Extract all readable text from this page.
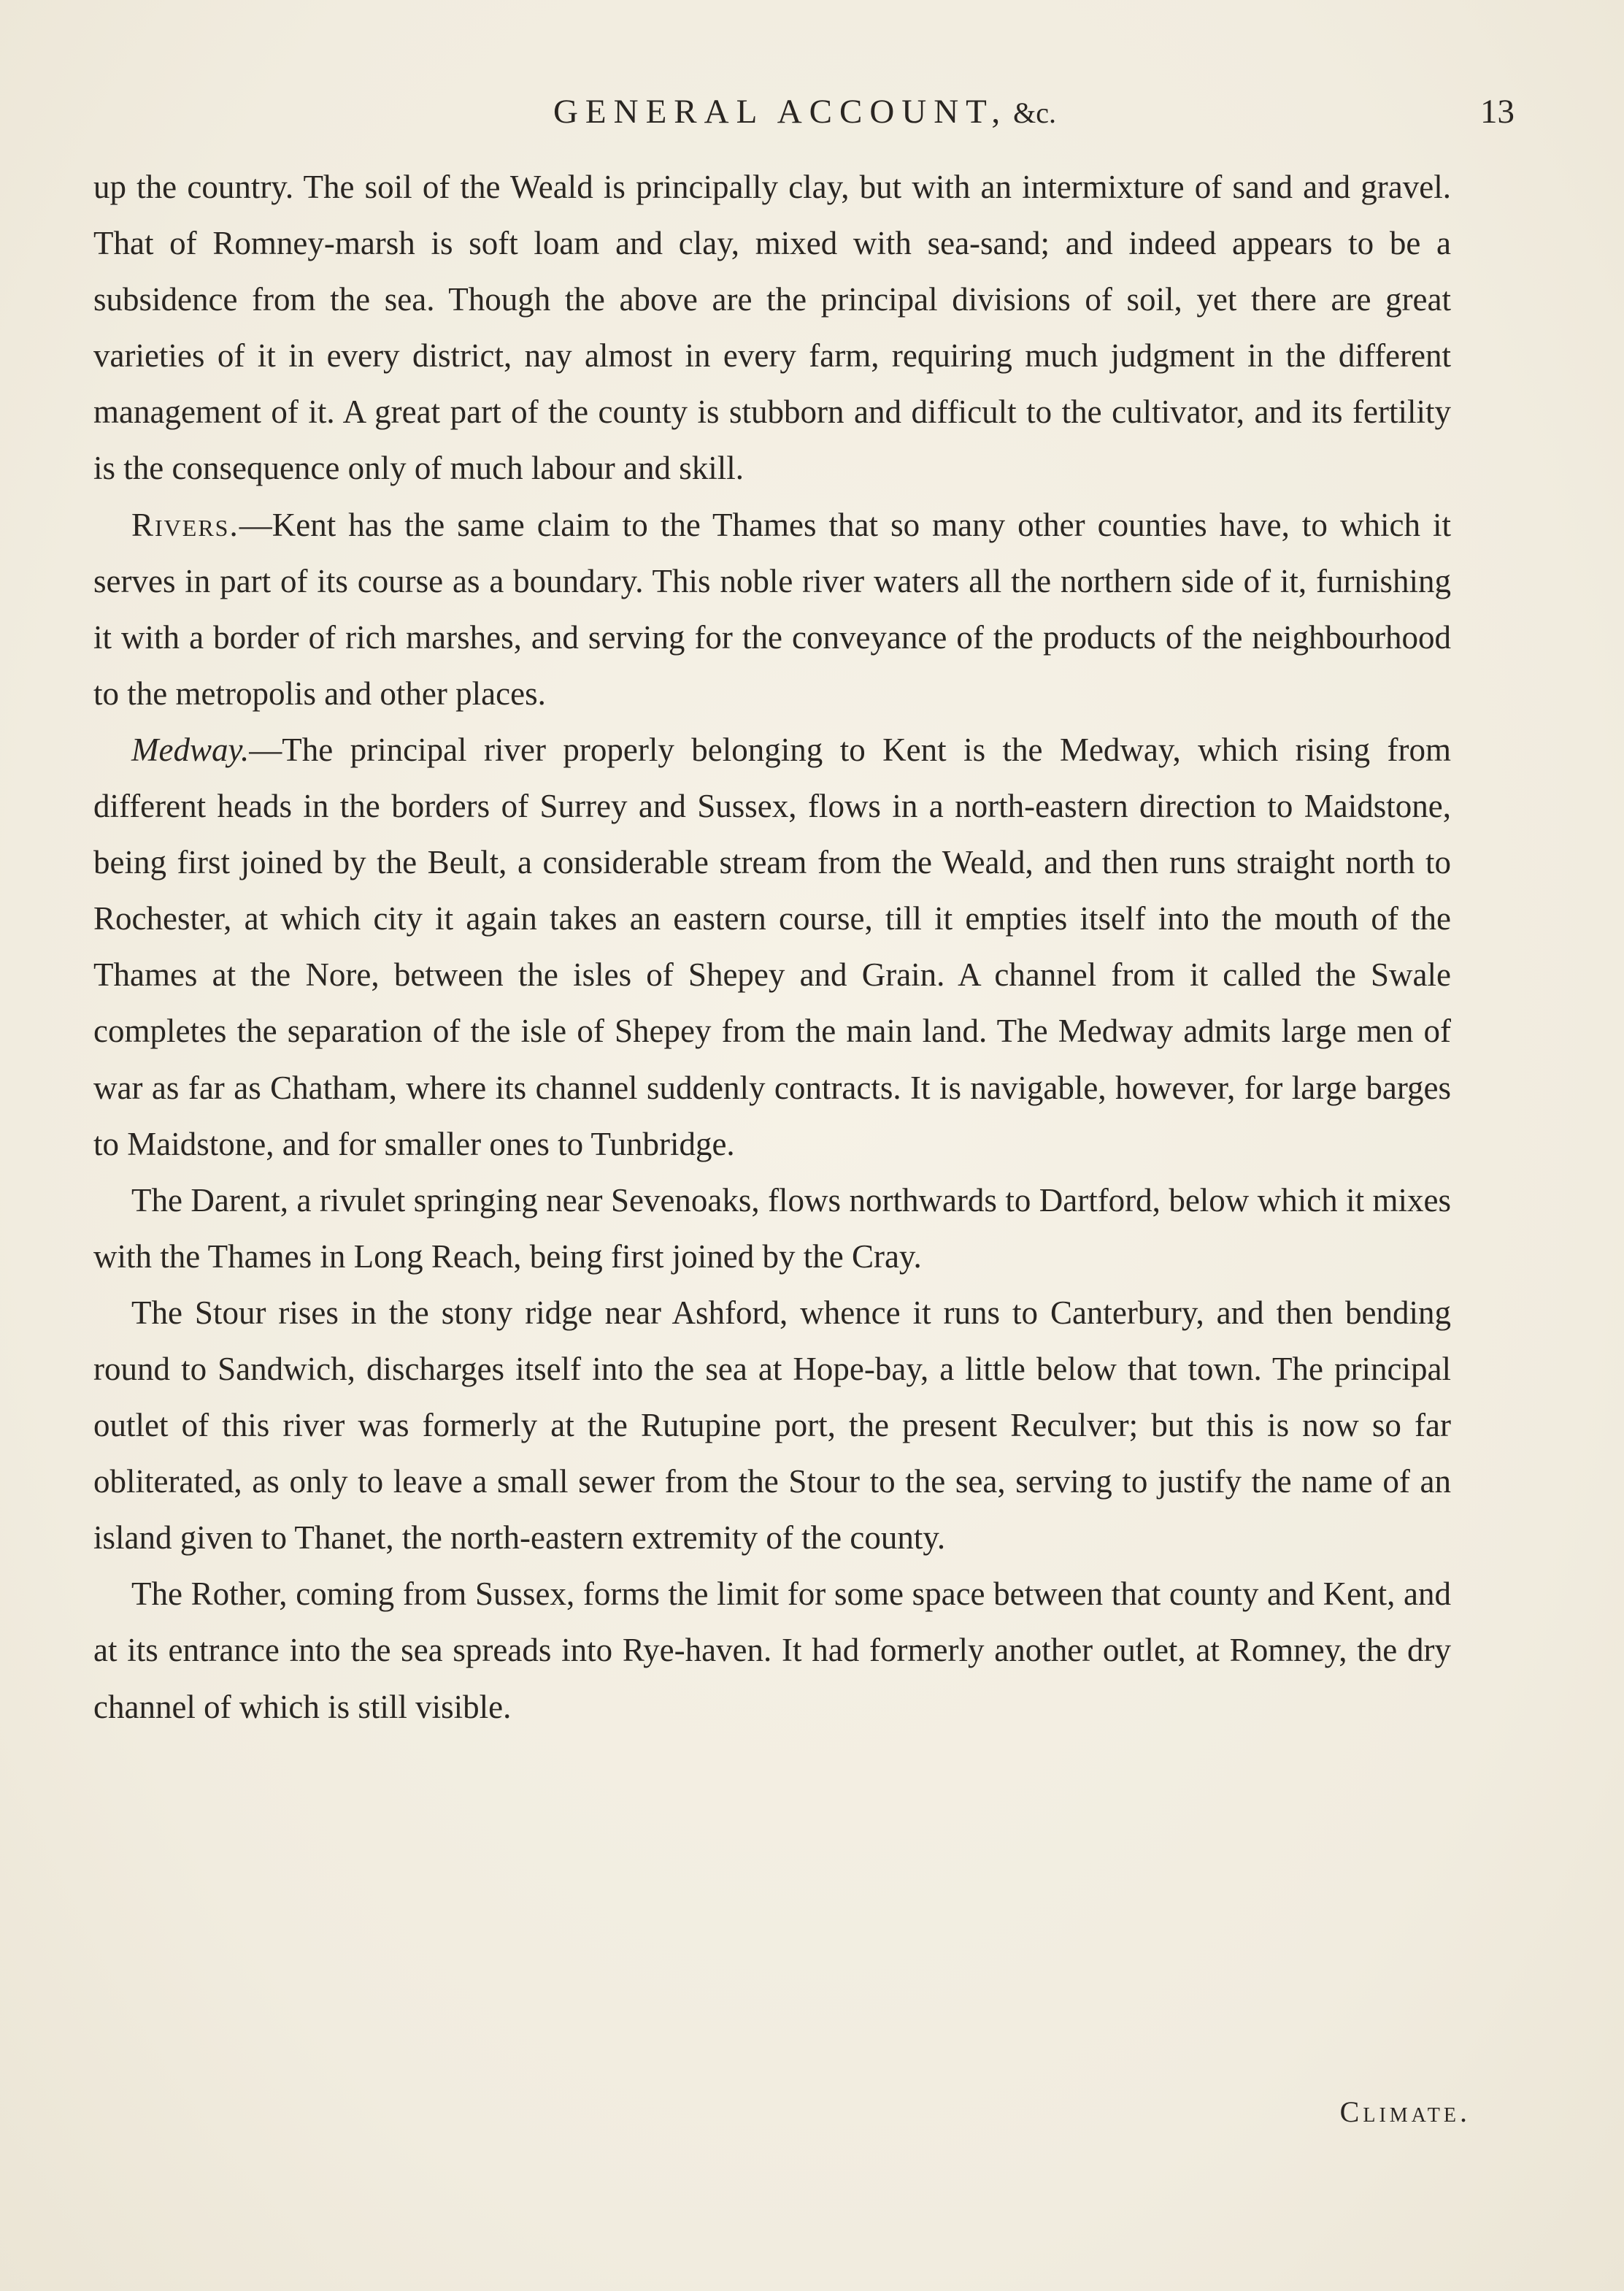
GENERAL ACCOUNT, &c.	13

up the country. The soil of the Weald is principally clay, but with an intermixture of sand and gravel. That of Romney-marsh is soft loam and clay, mixed with sea-sand; and indeed appears to be a subsidence from the sea. Though the above are the principal divisions of soil, yet there are great varieties of it in every district, nay almost in every farm, requiring much judgment in the different management of it. A great part of the county is stubborn and difficult to the cultivator, and its fertility is the consequence only of much labour and skill.

Rivers.—Kent has the same claim to the Thames that so many other counties have, to which it serves in part of its course as a boundary. This noble river waters all the northern side of it, furnishing it with a border of rich marshes, and serving for the conveyance of the products of the neighbourhood to the metropolis and other places.

Medway.—The principal river properly belonging to Kent is the Medway, which rising from different heads in the borders of Surrey and Sussex, flows in a north-eastern direction to Maidstone, being first joined by the Beult, a considerable stream from the Weald, and then runs straight north to Rochester, at which city it again takes an eastern course, till it empties itself into the mouth of the Thames at the Nore, between the isles of Shepey and Grain. A channel from it called the Swale completes the separation of the isle of Shepey from the main land. The Medway admits large men of war as far as Chatham, where its channel suddenly contracts. It is navigable, however, for large barges to Maidstone, and for smaller ones to Tunbridge.

The Darent, a rivulet springing near Sevenoaks, flows northwards to Dartford, below which it mixes with the Thames in Long Reach, being first joined by the Cray.

The Stour rises in the stony ridge near Ashford, whence it runs to Canterbury, and then bending round to Sandwich, discharges itself into the sea at Hope-bay, a little below that town. The principal outlet of this river was formerly at the Rutupine port, the present Reculver; but this is now so far obliterated, as only to leave a small sewer from the Stour to the sea, serving to justify the name of an island given to Thanet, the north-eastern extremity of the county.

The Rother, coming from Sussex, forms the limit for some space between that county and Kent, and at its entrance into the sea spreads into Rye-haven. It had formerly another outlet, at Romney, the dry channel of which is still visible.

Climate.
